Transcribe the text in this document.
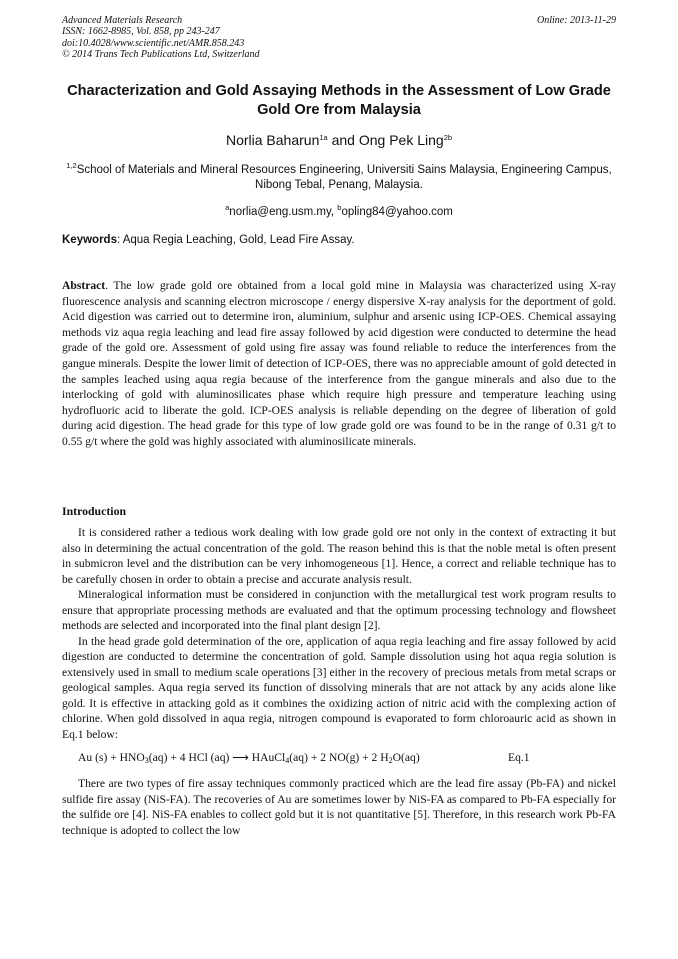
Advanced Materials Research
ISSN: 1662-8985, Vol. 858, pp 243-247
doi:10.4028/www.scientific.net/AMR.858.243
© 2014 Trans Tech Publications Ltd, Switzerland
Online: 2013-11-29
Characterization and Gold Assaying Methods in the Assessment of Low Grade Gold Ore from Malaysia
Norlia Baharun$^{1a}$ and Ong Pek Ling$^{2b}$
$^{1,2}$School of Materials and Mineral Resources Engineering, Universiti Sains Malaysia, Engineering Campus, Nibong Tebal, Penang, Malaysia.
$^a$norlia@eng.usm.my, $^b$opling84@yahoo.com
Keywords: Aqua Regia Leaching, Gold, Lead Fire Assay.
Abstract. The low grade gold ore obtained from a local gold mine in Malaysia was characterized using X-ray fluorescence analysis and scanning electron microscope / energy dispersive X-ray analysis for the deportment of gold. Acid digestion was carried out to determine iron, aluminium, sulphur and arsenic using ICP-OES. Chemical assaying methods viz aqua regia leaching and lead fire assay followed by acid digestion were conducted to determine the head grade of the gold ore. Assessment of gold using fire assay was found reliable to reduce the interferences from the gangue minerals. Despite the lower limit of detection of ICP-OES, there was no appreciable amount of gold detected in the samples leached using aqua regia because of the interference from the gangue minerals and also due to the interlocking of gold with aluminosilicates phase which require high pressure and temperature leaching using hydrofluoric acid to liberate the gold. ICP-OES analysis is reliable depending on the degree of liberation of gold during acid digestion. The head grade for this type of low grade gold ore was found to be in the range of 0.31 g/t to 0.55 g/t where the gold was highly associated with aluminosilicate minerals.
Introduction

It is considered rather a tedious work dealing with low grade gold ore not only in the context of extracting it but also in determining the actual concentration of the gold. The reason behind this is that the noble metal is often present in submicron level and the distribution can be very inhomogeneous [1]. Hence, a correct and reliable technique has to be carefully chosen in order to obtain a precise and accurate analysis result.

Mineralogical information must be considered in conjunction with the metallurgical test work program results to ensure that appropriate processing methods are evaluated and that the optimum processing technology and flowsheet methods are selected and incorporated into the final plant design [2].

In the head grade gold determination of the ore, application of aqua regia leaching and fire assay followed by acid digestion are conducted to determine the concentration of gold. Sample dissolution using hot aqua regia solution is extensively used in small to medium scale operations [3] either in the recovery of precious metals from metal scraps or geological samples. Aqua regia served its function of dissolving minerals that are not attack by any acids alone like gold. It is effective in attacking gold as it combines the oxidizing action of nitric acid with the complexing action of chlorine. When gold dissolved in aqua regia, nitrogen compound is evaporated to form chloroauric acid as shown in Eq.1 below:

Au $(s) + HNO_3(aq) + 4$ HCl (aq) ⟶ HAuCl$_4$(aq) + 2 NO(g) + 2 $H_2O(aq)$	Eq.1

There are two types of fire assay techniques commonly practiced which are the lead fire assay (Pb-FA) and nickel sulfide fire assay (NiS-FA). The recoveries of Au are sometimes lower by NiS-FA as compared to Pb-FA especially for the sulfide ore [4]. NiS-FA enables to collect gold but it is not quantitative [5]. Therefore, in this research work Pb-FA technique is adopted to collect the low
